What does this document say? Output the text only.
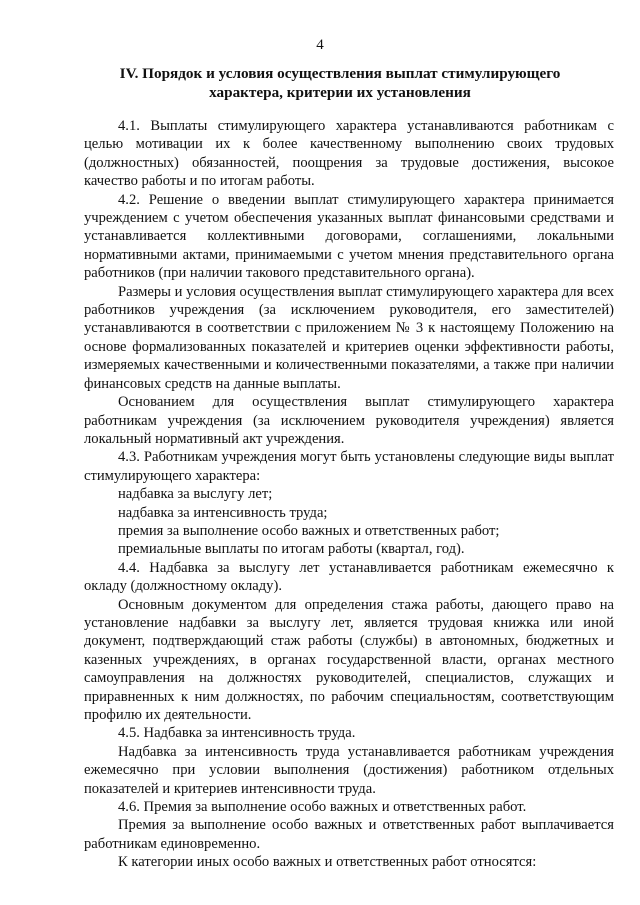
4
IV. Порядок и условия осуществления выплат стимулирующего характера, критерии их установления

4.1. Выплаты стимулирующего характера устанавливаются работникам с целью мотивации их к более качественному выполнению своих трудовых (должностных) обязанностей, поощрения за трудовые достижения, высокое качество работы и по итогам работы.

4.2. Решение о введении выплат стимулирующего характера принимается учреждением с учетом обеспечения указанных выплат финансовыми средствами и устанавливается коллективными договорами, соглашениями, локальными нормативными актами, принимаемыми с учетом мнения представительного органа работников (при наличии такового представительного органа).

Размеры и условия осуществления выплат стимулирующего характера для всех работников учреждения (за исключением руководителя, его заместителей) устанавливаются в соответствии с приложением № 3 к настоящему Положению на основе формализованных показателей и критериев оценки эффективности работы, измеряемых качественными и количественными показателями, а также при наличии финансовых средств на данные выплаты.

Основанием для осуществления выплат стимулирующего характера работникам учреждения (за исключением руководителя учреждения) является локальный нормативный акт учреждения.

4.3. Работникам учреждения могут быть установлены следующие виды выплат стимулирующего характера:

надбавка за выслугу лет;

надбавка за интенсивность труда;

премия за выполнение особо важных и ответственных работ;

премиальные выплаты по итогам работы (квартал, год).

4.4. Надбавка за выслугу лет устанавливается работникам ежемесячно к окладу (должностному окладу).

Основным документом для определения стажа работы, дающего право на установление надбавки за выслугу лет, является трудовая книжка или иной документ, подтверждающий стаж работы (службы) в автономных, бюджетных и казенных учреждениях, в органах государственной власти, органах местного самоуправления на должностях руководителей, специалистов, служащих и приравненных к ним должностях, по рабочим специальностям, соответствующим профилю их деятельности.

4.5. Надбавка за интенсивность труда.

Надбавка за интенсивность труда устанавливается работникам учреждения ежемесячно при условии выполнения (достижения) работником отдельных показателей и критериев интенсивности труда.

4.6. Премия за выполнение особо важных и ответственных работ.

Премия за выполнение особо важных и ответственных работ выплачивается работникам единовременно.

К категории иных особо важных и ответственных работ относятся:
